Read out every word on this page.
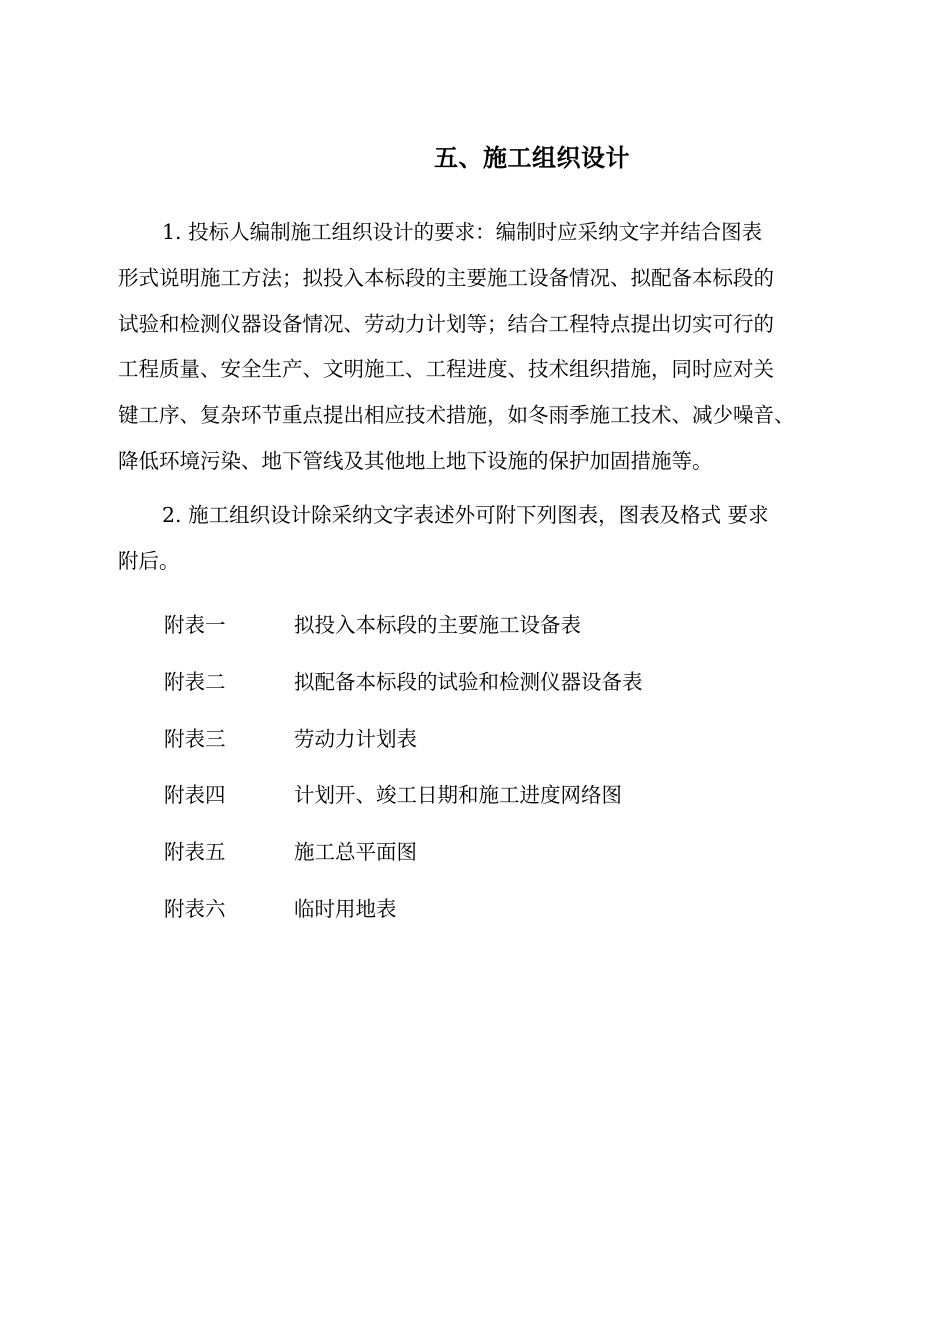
五、施工组织设计

1. 投标人编制施工组织设计的要求：编制时应采纳文字并结合图表
形式说明施工方法；拟投入本标段的主要施工设备情况、拟配备本标段的
试验和检测仪器设备情况、劳动力计划等；结合工程特点提出切实可行的
工程质量、安全生产、文明施工、工程进度、技术组织措施，同时应对关
键工序、复杂环节重点提出相应技术措施，如冬雨季施工技术、减少噪音、
降低环境污染、地下管线及其他地上地下设施的保护加固措施等。

2. 施工组织设计除采纳文字表述外可附下列图表，图表及格式 要求
附后。

附表一	拟投入本标段的主要施工设备表
附表二	拟配备本标段的试验和检测仪器设备表
附表三	劳动力计划表
附表四	计划开、竣工日期和施工进度网络图
附表五	施工总平面图
附表六	临时用地表
